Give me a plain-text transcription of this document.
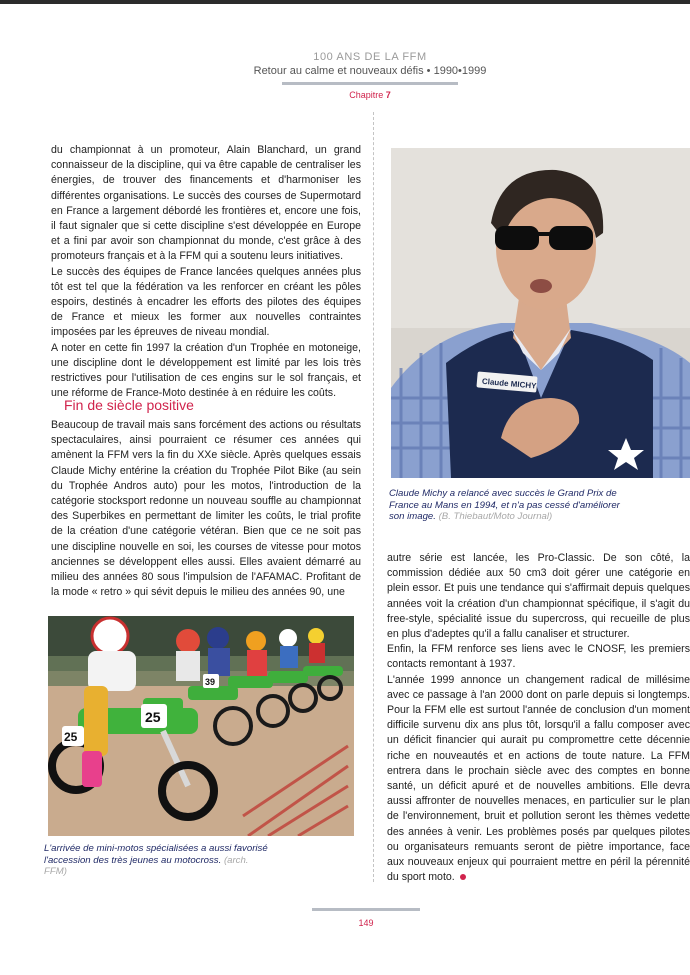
100 ANS DE LA FFM
Retour au calme et nouveaux défis • 1990•1999
Chapitre 7

du championnat à un promoteur, Alain Blanchard, un grand connaisseur de la discipline, qui va être capable de centraliser les énergies, de trouver des financements et d'harmoniser les différentes organisations. Le succès des courses de Supermotard en France a largement débordé les frontières et, encore une fois, il faut signaler que si cette discipline s'est développée en Europe et a fini par avoir son championnat du monde, c'est grâce à des promoteurs français et à la FFM qui a soutenu leurs initiatives.

Le succès des équipes de France lancées quelques années plus tôt est tel que la fédération va les renforcer en créant les pôles espoirs, destinés à encadrer les efforts des pilotes des équipes de France et mieux les former aux nouvelles contraintes imposées par les épreuves de niveau mondial.

A noter en cette fin 1997 la création d'un Trophée en motoneige, une discipline dont le développement est limité par les lois très restrictives pour l'utilisation de ces engins sur le sol français, et une réforme de France-Moto destinée à en réduire les coûts.

Fin de siècle positive

Beaucoup de travail mais sans forcément des actions ou résultats spectaculaires, ainsi pourraient ce résumer ces années qui amènent la FFM vers la fin du XXe siècle. Après quelques essais Claude Michy entérine la création du Trophée Pilot Bike (au sein du Trophée Andros auto) pour les motos, l'introduction de la catégorie stocksport redonne un nouveau souffle au championnat des Superbikes en permettant de limiter les coûts, le trial profite de la création d'une catégorie vétéran. Bien que ce ne soit pas une discipline nouvelle en soi, les courses de vitesse pour motos anciennes se développent elles aussi. Elles avaient démarré au milieu des années 80 sous l'impulsion de l'AFAMAC. Profitant de la mode « retro » qui sévit depuis le milieu des années 90, une

Claude MICHY
Claude Michy a relancé avec succès le Grand Prix de France au Mans en 1994, et n'a pas cessé d'améliorer son image. (B. Thiebaut/Moto Journal)
25
25
39
L'arrivée de mini-motos spécialisées a aussi favorisé l'accession des très jeunes au motocross. (arch. FFM)

autre série est lancée, les Pro-Classic. De son côté, la commission dédiée aux 50 cm3 doit gérer une catégorie en plein essor. Et puis une tendance qui s'affirmait depuis quelques années voit la création d'un championnat spécifique, il s'agit du free-style, spécialité issue du supercross, qui recueille de plus en plus d'adeptes qu'il a fallu canaliser et structurer.

Enfin, la FFM renforce ses liens avec le CNOSF, les premiers contacts remontant à 1937.

L'année 1999 annonce un changement radical de millésime avec ce passage à l'an 2000 dont on parle depuis si longtemps. Pour la FFM elle est surtout l'année de conclusion d'un moment difficile survenu dix ans plus tôt, lorsqu'il a fallu composer avec un déficit financier qui aurait pu compromettre cette décennie riche en nouveautés et en actions de toute nature. La FFM entrera dans le prochain siècle avec des comptes en bonne santé, un déficit apuré et de nouvelles ambitions. Elle devra aussi affronter de nouvelles menaces, en particulier sur le plan de l'environnement, bruit et pollution seront les thèmes vedette des années à venir. Les problèmes posés par quelques pilotes ou organisateurs remuants seront de piètre importance, face aux nouveaux enjeux qui pourraient mettre en péril la pérennité du sport moto.

149
